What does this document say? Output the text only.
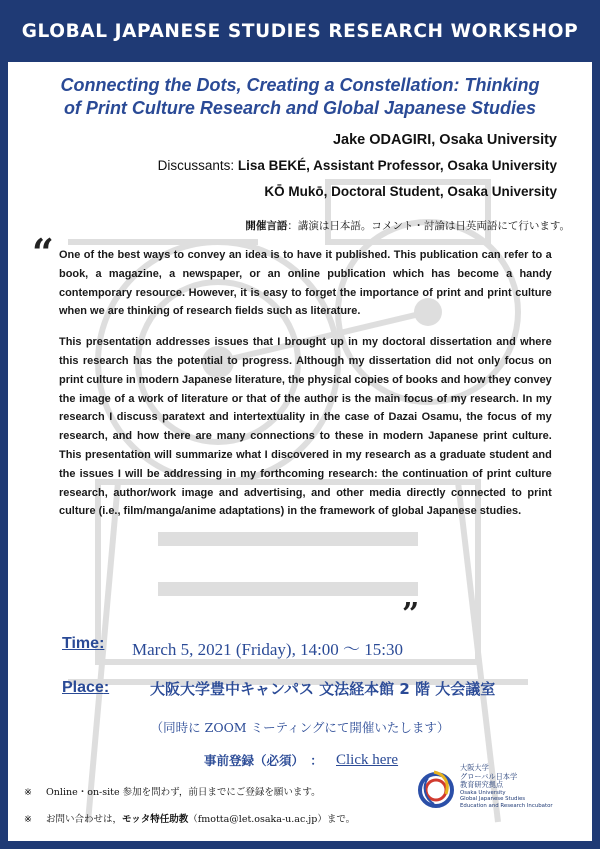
GLOBAL JAPANESE STUDIES RESEARCH WORKSHOP
Connecting the Dots, Creating a Constellation: Thinking
of Print Culture Research and Global Japanese Studies
Jake ODAGIRI, Osaka University
Discussants: Lisa BEKÉ, Assistant Professor, Osaka University
KŌ Mukō, Doctoral Student, Osaka University
開催言語：講演は日本語。コメント・討論は日英両語にて行います。
“ One of the best ways to convey an idea is to have it published. This publication can refer to a book, a magazine, a newspaper, or an online publication which has become a handy contemporary resource. However, it is easy to forget the importance of print and print culture when we are thinking of research fields such as literature.

This presentation addresses issues that I brought up in my doctoral dissertation and where this research has the potential to progress. Although my dissertation did not only focus on print culture in modern Japanese literature, the physical copies of books and how they convey the image of a work of literature or that of the author is the main focus of my research. In my research I discuss paratext and intertextuality in the case of Dazai Osamu, the focus of my research, and how there are many connections to these in modern Japanese print culture. This presentation will summarize what I discovered in my research as a graduate student and the issues I will be addressing in my forthcoming research: the continuation of print culture research, author/work image and advertising, and other media directly connected to print culture (i.e., film/manga/anime adaptations) in the framework of global Japanese studies.

”
Time: March 5, 2021 (Friday), 14:00 ～ 15:30
Place:	大阪大学豊中キャンパス 文法経本館 2 階 大会議室
（同時に ZOOM ミーティングにて開催いたします）
事前登録（必須）　： Click here
※ Online・on-site 参加を問わず，前日までにご登録を願います。
※ お問い合わせは，モッタ特任助教（fmotta@let.osaka-u.ac.jp）まで。
大阪大学
グローバル日本学
教育研究拠点
Osaka University
Global Japanese Studies
Education and Research Incubator
